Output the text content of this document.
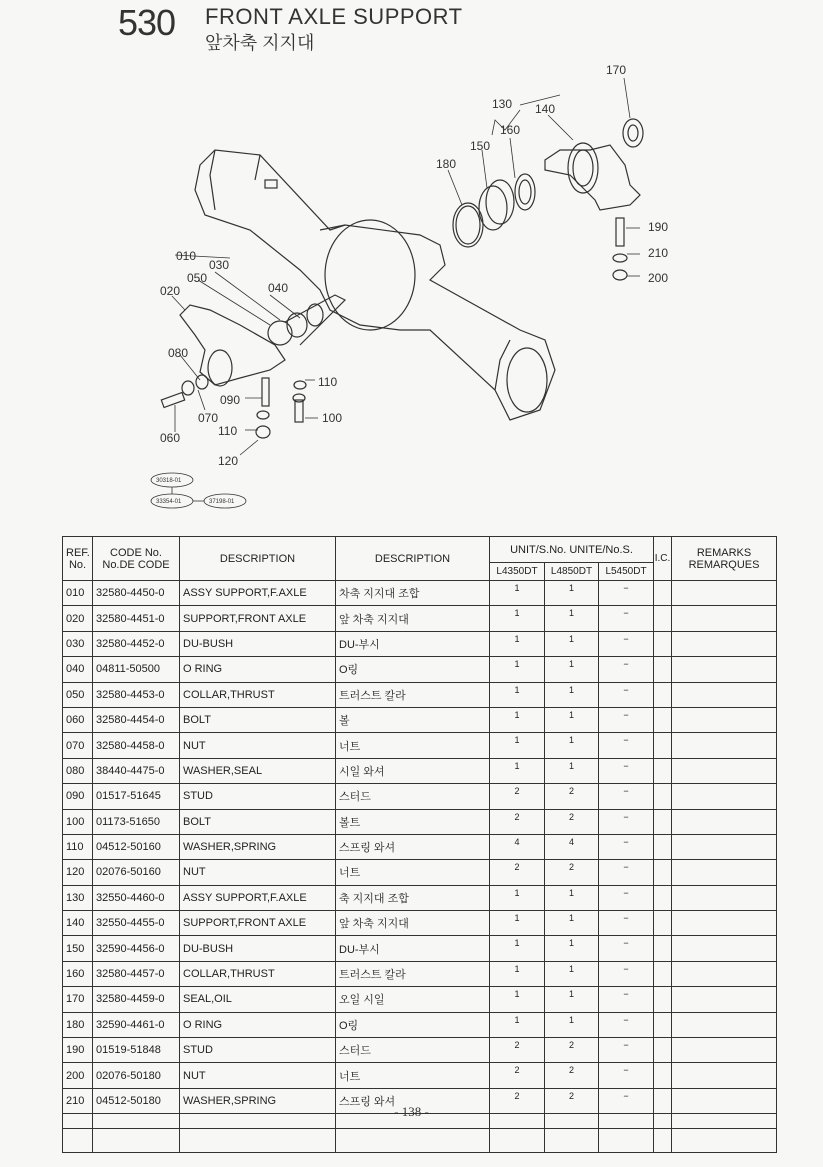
530 FRONT AXLE SUPPORT
앞차축 지지대
170
130 140
160
150
180
190
210
200
010
030
050
020	040
080
110
090
070	100
060	110
120
30318-01
33354-01	37198-01
REF. No.	CODE No. No.DE CODE	DESCRIPTION	DESCRIPTION	UNIT/S.No. UNITE/No.S.			I.C.	REMARKS REMARQUES
				L4350DT	L4850DT	L5450DT		
010	32580-4450-0	ASSY SUPPORT,F.AXLE	차축 지지대 조합	1	1	−		
020	32580-4451-0	SUPPORT,FRONT AXLE	앞 차축 지지대	1	1	−		
030	32580-4452-0	DU-BUSH	DU-부시	1	1	−		
040	04811-50500	O RING	O링	1	1	−		
050	32580-4453-0	COLLAR,THRUST	트러스트 칼라	1	1	−		
060	32580-4454-0	BOLT	볼	1	1	−		
070	32580-4458-0	NUT	너트	1	1	−		
080	38440-4475-0	WASHER,SEAL	시일 와셔	1	1	−		
090	01517-51645	STUD	스터드	2	2	−		
100	01173-51650	BOLT	볼트	2	2	−		
110	04512-50160	WASHER,SPRING	스프링 와셔	4	4	−		
120	02076-50160	NUT	너트	2	2	−		
130	32550-4460-0	ASSY SUPPORT,F.AXLE	축 지지대 조합	1	1	−		
140	32550-4455-0	SUPPORT,FRONT AXLE	앞 차축 지지대	1	1	−		
150	32590-4456-0	DU-BUSH	DU-부시	1	1	−		
160	32580-4457-0	COLLAR,THRUST	트러스트 칼라	1	1	−		
170	32580-4459-0	SEAL,OIL	오일 시일	1	1	−		
180	32590-4461-0	O RING	O링	1	1	−		
190	01519-51848	STUD	스터드	2	2	−		
200	02076-50180	NUT	너트	2	2	−		
210	04512-50180	WASHER,SPRING	스프링 와셔	2	2	−		

- 138 -
